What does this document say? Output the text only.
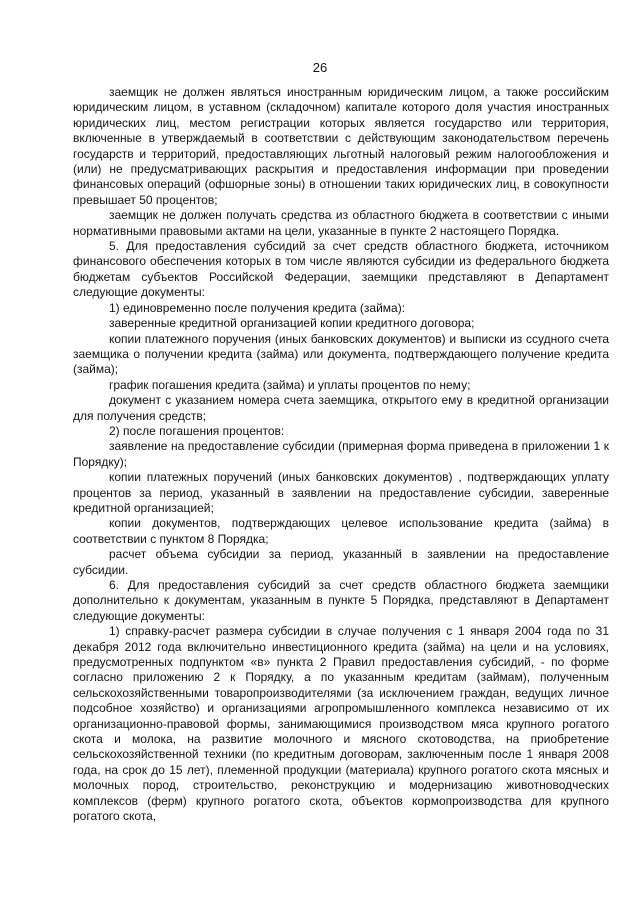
26

заемщик не должен являться иностранным юридическим лицом, а также российским юридическим лицом, в уставном (складочном) капитале которого доля участия иностранных юридических лиц, местом регистрации которых является государство или территория, включенные в утверждаемый в соответствии с действующим законодательством перечень государств и территорий, предоставляющих льготный налоговый режим налогообложения и (или) не предусматривающих раскрытия и предоставления информации при проведении финансовых операций (офшорные зоны) в отношении таких юридических лиц, в совокупности превышает 50 процентов;

заемщик не должен получать средства из областного бюджета в соответствии с иными нормативными правовыми актами на цели, указанные в пункте 2 настоящего Порядка.

5. Для предоставления субсидий за счет средств областного бюджета, источником финансового обеспечения которых в том числе являются субсидии из федерального бюджета бюджетам субъектов Российской Федерации, заемщики представляют в Департамент следующие документы:

1) единовременно после получения кредита (займа):

заверенные кредитной организацией копии кредитного договора;

копии платежного поручения (иных банковских документов) и выписки из ссудного счета заемщика о получении кредита (займа) или документа, подтверждающего получение кредита (займа);

график погашения кредита (займа) и уплаты процентов по нему;

документ с указанием номера счета заемщика, открытого ему в кредитной организации для получения средств;

2) после погашения процентов:

заявление на предоставление субсидии (примерная форма приведена в приложении 1 к Порядку);

копии платежных поручений (иных банковских документов) , подтверждающих уплату процентов за период, указанный в заявлении на предоставление субсидии, заверенные кредитной организацией;

копии документов, подтверждающих целевое использование кредита (займа) в соответствии с пунктом 8 Порядка;

расчет объема субсидии за период, указанный в заявлении на предоставление субсидии.

6. Для предоставления субсидий за счет средств областного бюджета заемщики дополнительно к документам, указанным в пункте 5 Порядка, представляют в Департамент следующие документы:

1) справку-расчет размера субсидии в случае получения с 1 января 2004 года по 31 декабря 2012 года включительно инвестиционного кредита (займа) на цели и на условиях, предусмотренных подпунктом «в» пункта 2 Правил предоставления субсидий, - по форме согласно приложению 2 к Порядку, а по указанным кредитам (займам), полученным сельскохозяйственными товаропроизводителями (за исключением граждан, ведущих личное подсобное хозяйство) и организациями агропромышленного комплекса независимо от их организационно-правовой формы, занимающимися производством мяса крупного рогатого скота и молока, на развитие молочного и мясного скотоводства, на приобретение сельскохозяйственной техники (по кредитным договорам, заключенным после 1 января 2008 года, на срок до 15 лет), племенной продукции (материала) крупного рогатого скота мясных и молочных пород, строительство, реконструкцию и модернизацию животноводческих комплексов (ферм) крупного рогатого скота, объектов кормопроизводства для крупного рогатого скота,
